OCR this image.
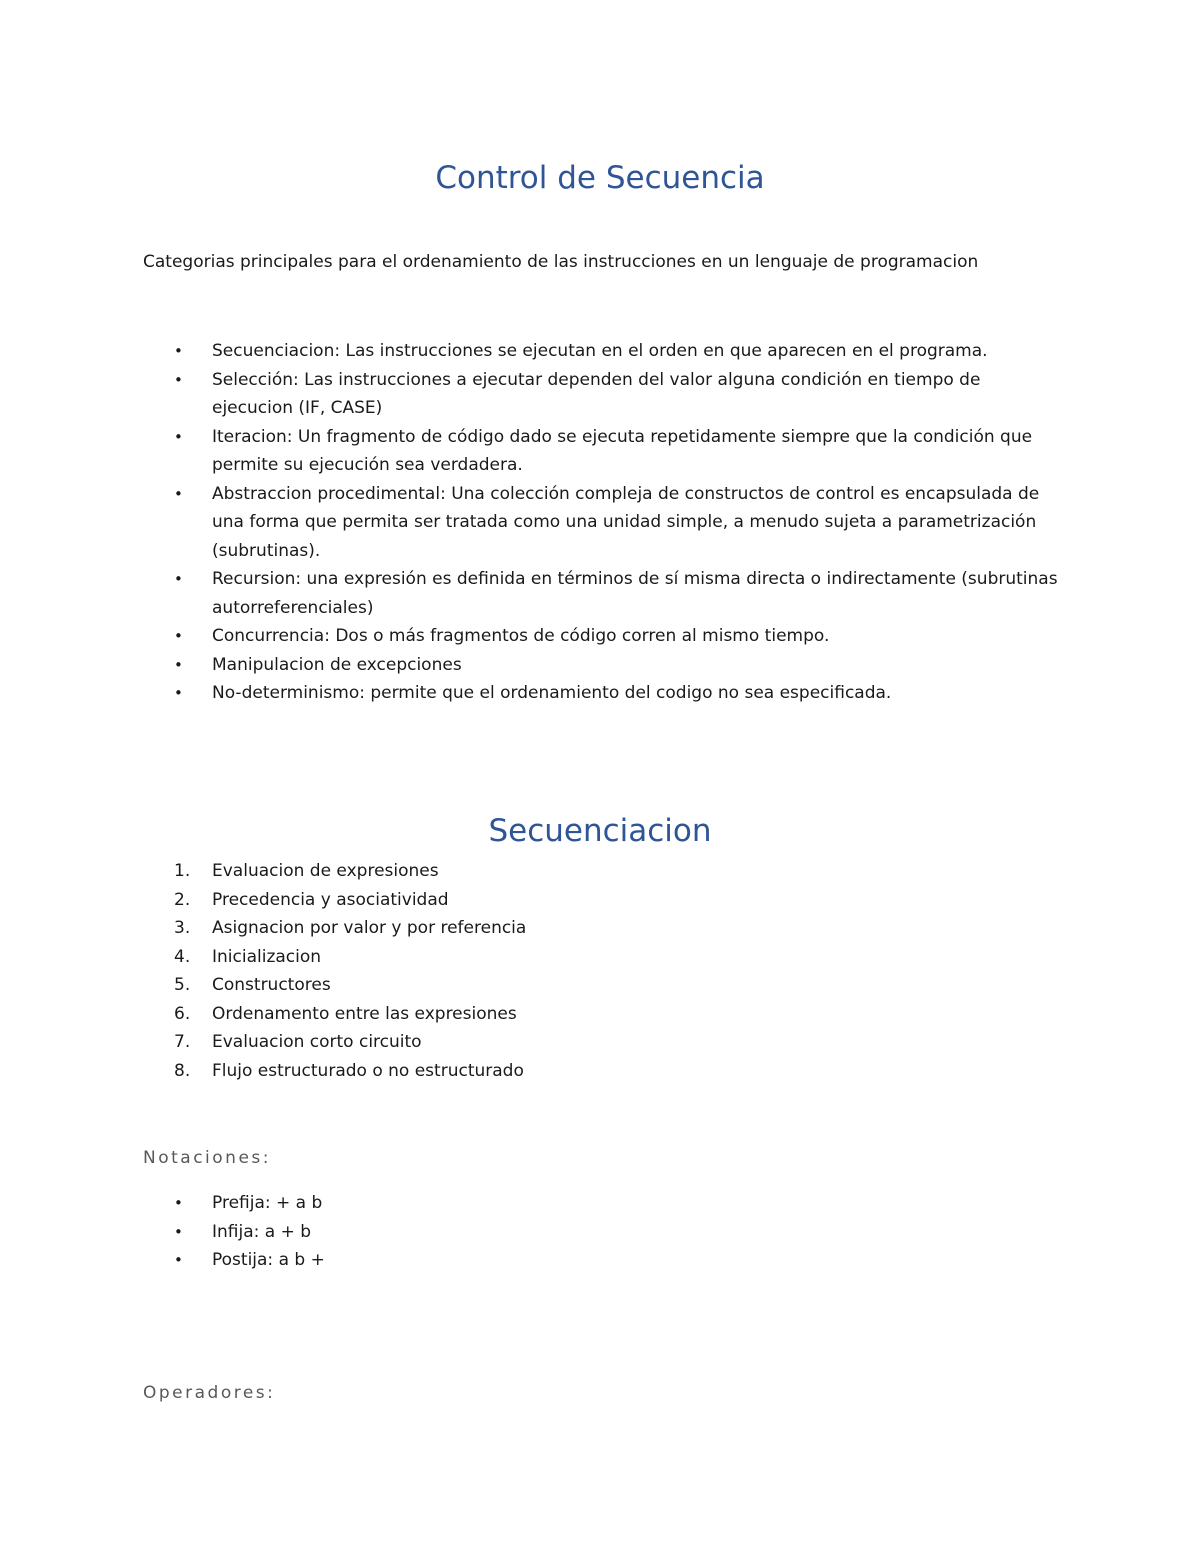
Control de Secuencia

Categorias principales para el ordenamiento de las instrucciones en un lenguaje de programacion

• Secuenciacion: Las instrucciones se ejecutan en el orden en que aparecen en el programa.
• Selección: Las instrucciones a ejecutar dependen del valor alguna condición en tiempo de ejecucion (IF, CASE)
• Iteracion: Un fragmento de código dado se ejecuta repetidamente siempre que la condición que permite su ejecución sea verdadera.
• Abstraccion procedimental: Una colección compleja de constructos de control es encapsulada de una forma que permita ser tratada como una unidad simple, a menudo sujeta a parametrización (subrutinas).
• Recursion: una expresión es definida en términos de sí misma directa o indirectamente (subrutinas autorreferenciales)
• Concurrencia: Dos o más fragmentos de código corren al mismo tiempo.
• Manipulacion de excepciones
• No-determinismo: permite que el ordenamiento del codigo no sea especificada.
Secuenciacion
1. Evaluacion de expresiones
2. Precedencia y asociatividad
3. Asignacion por valor y por referencia
4. Inicializacion
5. Constructores
6. Ordenamento entre las expresiones
7. Evaluacion corto circuito
8. Flujo estructurado o no estructurado
Notaciones:
• Prefija: + a b
• Infija: a + b
• Postija: a b +
Operadores:
